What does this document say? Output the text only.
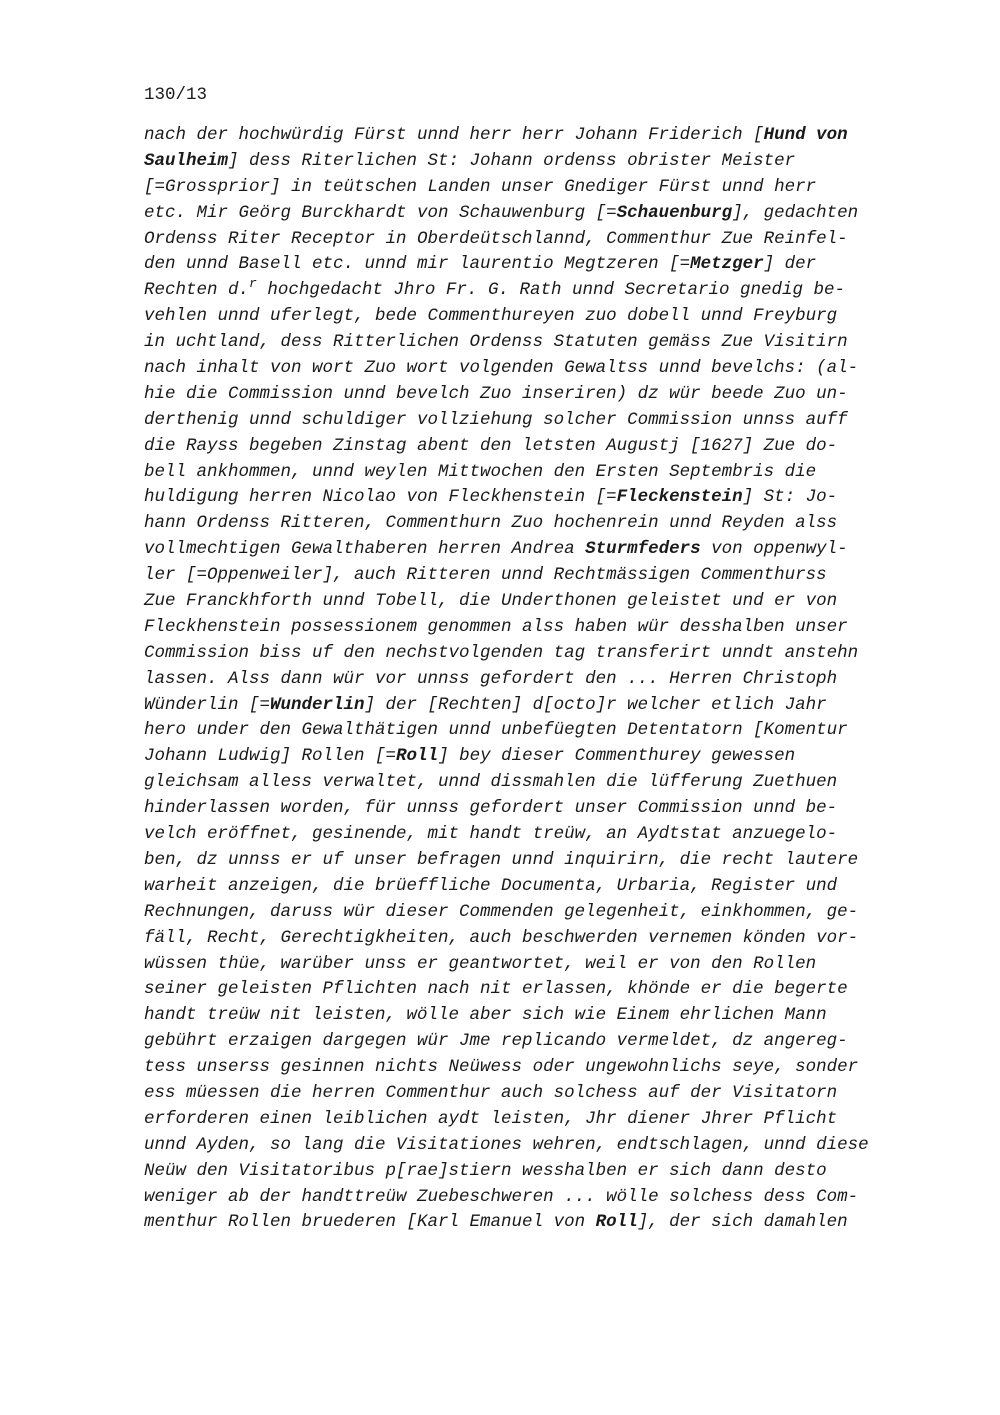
130/13
nach der hochwürdig Fürst unnd herr herr Johann Friderich [Hund von
Saulheim] dess Riterlichen St: Johann ordenss obrister Meister
[=Grossprior] in teütschen Landen unser Gnediger Fürst unnd herr
etc. Mir Geörg Burckhardt von Schauwenburg [=Schauenburg], gedachten
Ordenss Riter Receptor in Oberdeütschlannd, Commenthur Zue Reinfel-
den unnd Basell etc. unnd mir laurentio Megtzeren [=Metzger] der
Rechten d.$^r$ hochgedacht Jhro Fr. G. Rath unnd Secretario gnedig be-
vehlen unnd uferlegt, bede Commenthureyen zuo dobell unnd Freyburg
in uchtland, dess Ritterlichen Ordenss Statuten gemäss Zue Visitirn
nach inhalt von wort Zuo wort volgenden Gewaltss unnd bevelchs: (al-
hie die Commission unnd bevelch Zuo inseriren) dz wür beede Zuo un-
derthenig unnd schuldiger vollziehung solcher Commission unnss auff
die Rayss begeben Zinstag abent den letsten Augustj [1627] Zue do-
bell ankhommen, unnd weylen Mittwochen den Ersten Septembris die
huldigung herren Nicolao von Fleckhenstein [=Fleckenstein] St: Jo-
hann Ordenss Ritteren, Commenthurn Zuo hochenrein unnd Reyden alss
vollmechtigen Gewalthaberen herren Andrea Sturmfeders von oppenwyl-
ler [=Oppenweiler], auch Ritteren unnd Rechtmässigen Commenthurss
Zue Franckhforth unnd Tobell, die Underthonen geleistet und er von
Fleckhenstein possessionem genommen alss haben wür desshalben unser
Commission biss uf den nechstvolgenden tag transferirt unndt anstehn
lassen. Alss dann wür vor unnss gefordert den ... Herren Christoph
Wünderlin [=Wunderlin] der [Rechten] d[octo]r welcher etlich Jahr
hero under den Gewalthätigen unnd unbefüegten Detentatorn [Komentur
Johann Ludwig] Rollen [=Roll] bey dieser Commenthurey gewessen
gleichsam alless verwaltet, unnd dissmahlen die lüfferung Zuethuen
hinderlassen worden, für unnss gefordert unser Commission unnd be-
velch eröffnet, gesinende, mit handt treüw, an Aydtstat anzuegelo-
ben, dz unnss er uf unser befragen unnd inquirirn, die recht lautere
warheit anzeigen, die brüeffliche Documenta, Urbaria, Register und
Rechnungen, daruss wür dieser Commenden gelegenheit, einkhommen, ge-
fäll, Recht, Gerechtigkheiten, auch beschwerden vernemen könden vor-
wüssen thüe, warüber unss er geantwortet, weil er von den Rollen
seiner geleisten Pflichten nach nit erlassen, khönde er die begerte
handt treüw nit leisten, wölle aber sich wie Einem ehrlichen Mann
gebührt erzaigen dargegen wür Jme replicando vermeldet, dz angereg-
tess unserss gesinnen nichts Neüwess oder ungewohnlichs seye, sonder
ess müessen die herren Commenthur auch solchess auf der Visitatorn
erforderen einen leiblichen aydt leisten, Jhr diener Jhrer Pflicht
unnd Ayden, so lang die Visitationes wehren, endtschlagen, unnd diese
Neüw den Visitatoribus p[rae]stiern wesshalben er sich dann desto
weniger ab der handttreüw Zuebeschweren ... wölle solchess dess Com-
menthur Rollen bruederen [Karl Emanuel von Roll], der sich damahlen
